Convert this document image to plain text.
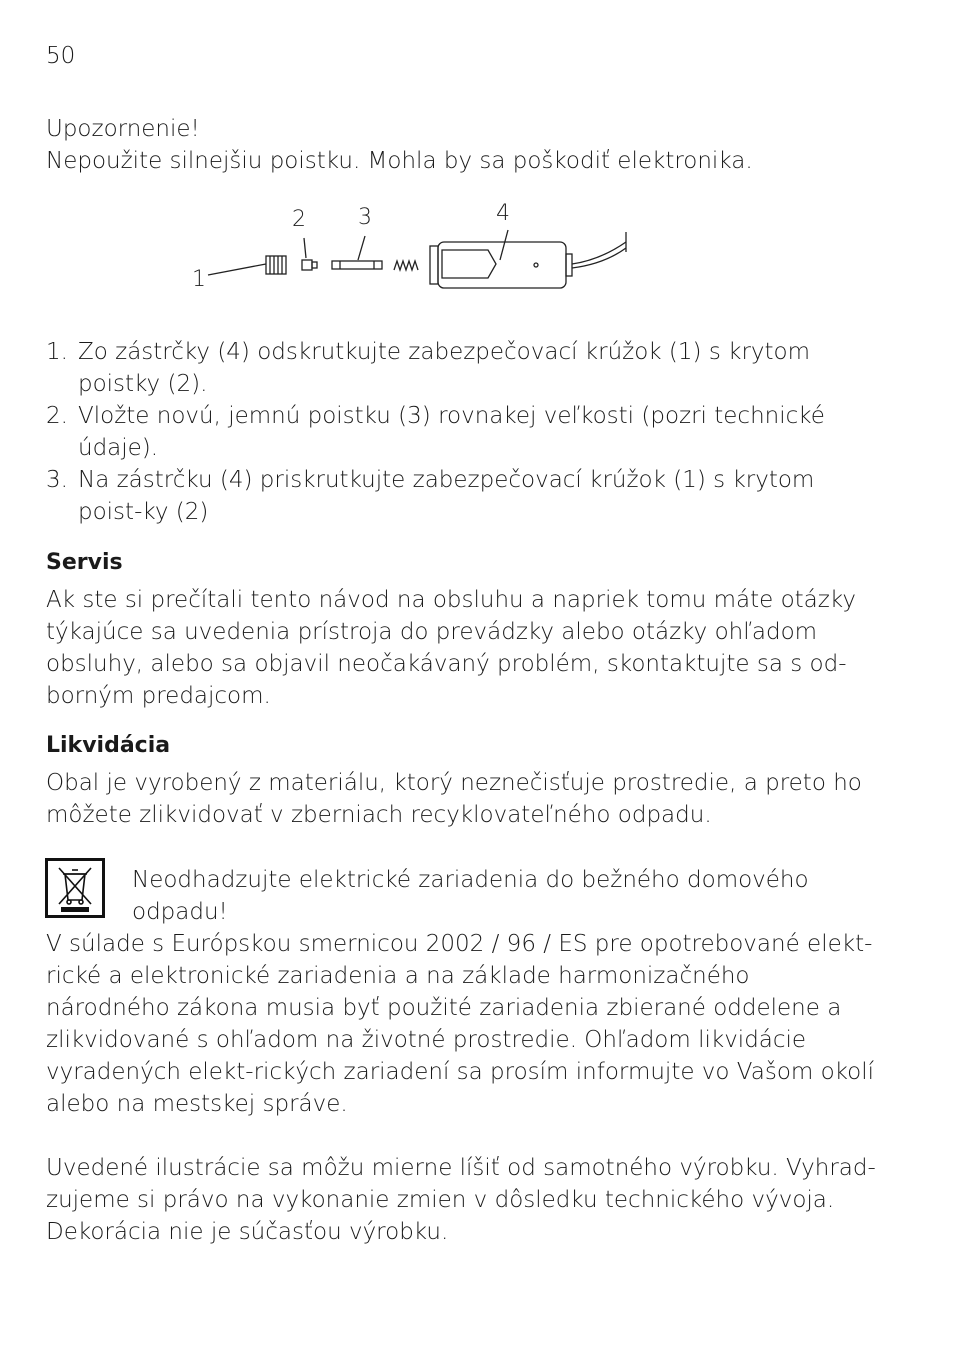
50

Upozornenie!

Nepoužite silnejšiu poistku. Mohla by sa poškodiť elektronika.

1
2 3	4
1. Zo zástrčky (4) odskrutkujte zabezpečovací krúžok (1) s krytom poistky (2).
2. Vložte novú, jemnú poistku (3) rovnakej veľkosti (pozri technické údaje).
3. Na zástrčku (4) priskrutkujte zabezpečovací krúžok (1) s krytom poist-ky (2)
Servis

Ak ste si prečítali tento návod na obsluhu a napriek tomu máte otázky týkajúce sa uvedenia prístroja do prevádzky alebo otázky ohľadom obsluhy, alebo sa objavil neočakávaný problém, skontaktujte sa s od-borným predajcom.

Likvidácia

Obal je vyrobený z materiálu, ktorý neznečisťuje prostredie, a preto ho môžete zlikvidovať v zberniach recyklovateľného odpadu.

Neodhadzujte elektrické zariadenia do bežného domového odpadu!

V súlade s Európskou smernicou 2002 / 96 / ES pre opotrebované elekt-rické a elektronické zariadenia a na základe harmonizačného národného zákona musia byť použité zariadenia zbierané oddelene a zlikvidované s ohľadom na životné prostredie. Ohľadom likvidácie vyradených elekt-rických zariadení sa prosím informujte vo Vašom okolí alebo na mestskej správe.

Uvedené ilustrácie sa môžu mierne líšiť od samotného výrobku. Vyhrad-zujeme si právo na vykonanie zmien v dôsledku technického vývoja. Dekorácia nie je súčasťou výrobku.
